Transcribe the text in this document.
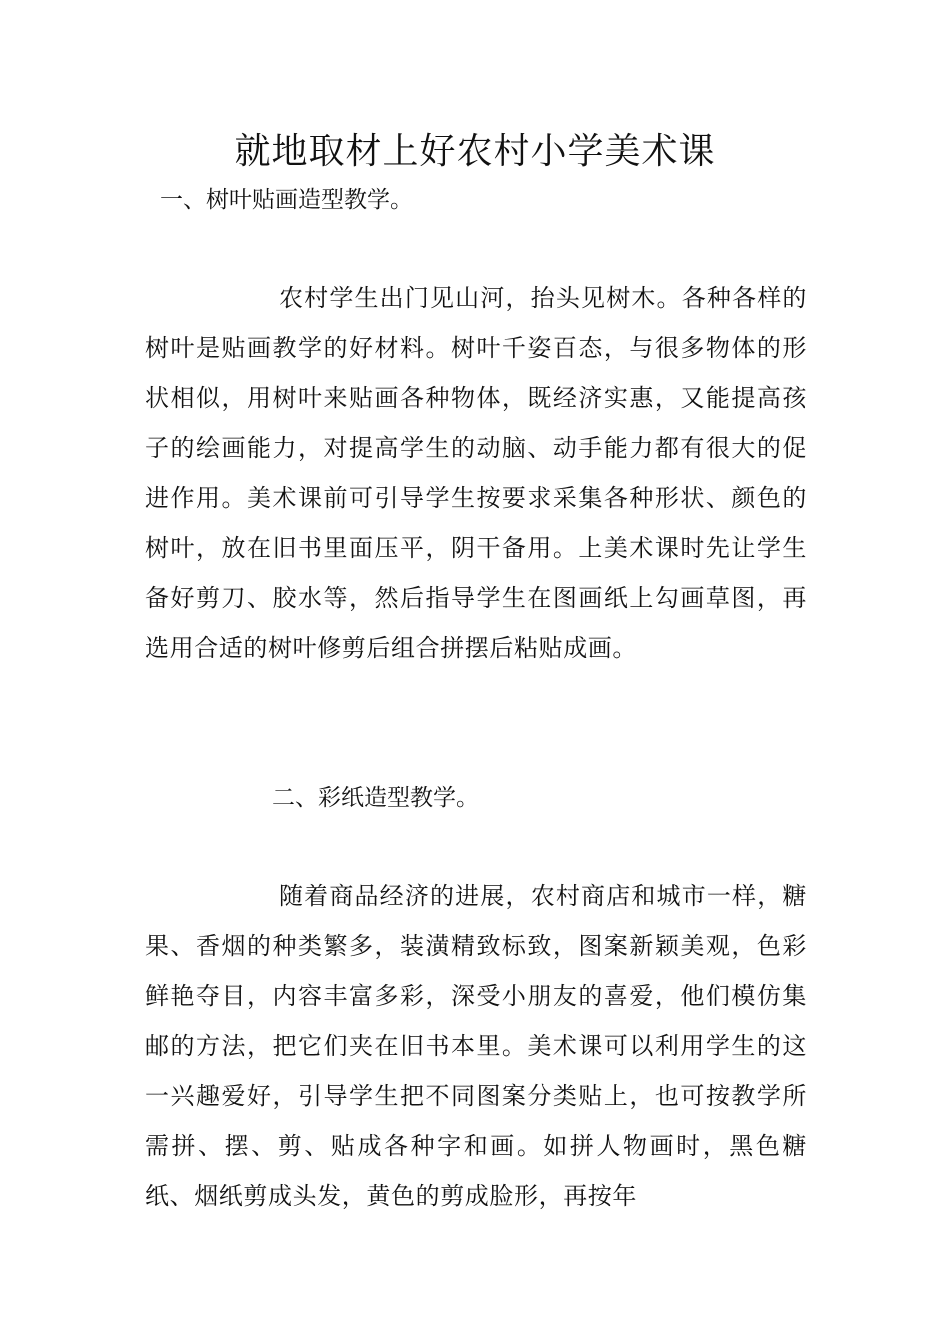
就地取材上好农村小学美术课
一、树叶贴画造型教学。
农村学生出门见山河，抬头见树木。各种各样的树叶是贴画教学的好材料。树叶千姿百态，与很多物体的形状相似，用树叶来贴画各种物体，既经济实惠，又能提高孩子的绘画能力，对提高学生的动脑、动手能力都有很大的促进作用。美术课前可引导学生按要求采集各种形状、颜色的树叶，放在旧书里面压平，阴干备用。上美术课时先让学生备好剪刀、胶水等，然后指导学生在图画纸上勾画草图，再选用合适的树叶修剪后组合拼摆后粘贴成画。
二、彩纸造型教学。
随着商品经济的进展，农村商店和城市一样，糖果、香烟的种类繁多，装潢精致标致，图案新颖美观，色彩鲜艳夺目，内容丰富多彩，深受小朋友的喜爱，他们模仿集邮的方法，把它们夹在旧书本里。美术课可以利用学生的这一兴趣爱好，引导学生把不同图案分类贴上，也可按教学所需拼、摆、剪、贴成各种字和画。如拼人物画时，黑色糖纸、烟纸剪成头发，黄色的剪成脸形，再按年
